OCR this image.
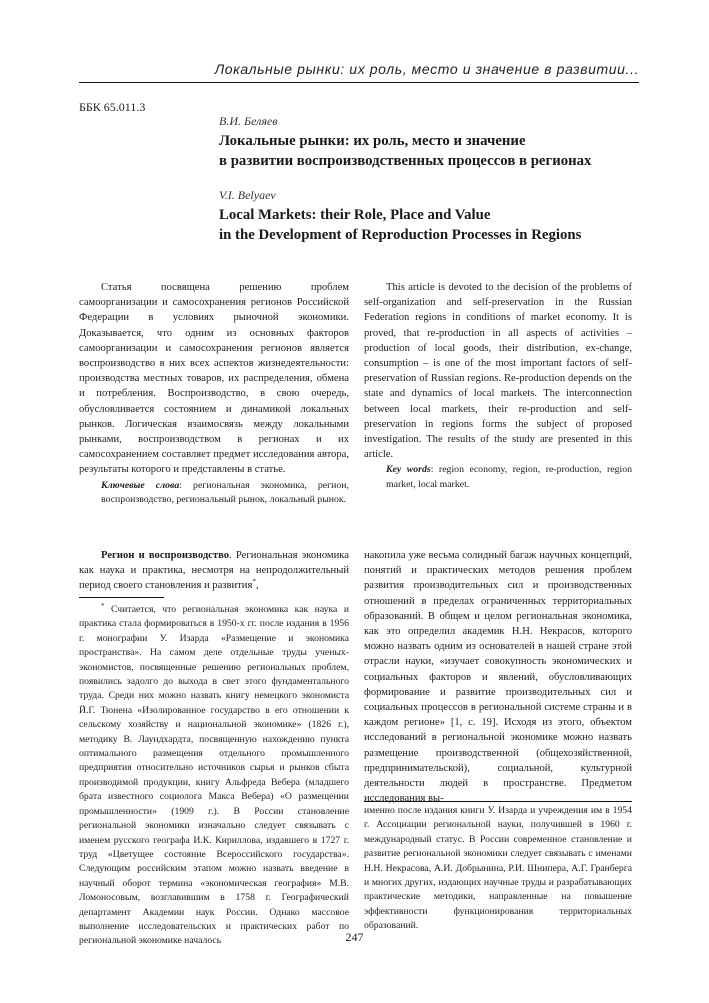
Локальные рынки: их роль, место и значение в развитии...
ББК 65.011.3
В.И. Беляев
Локальные рынки: их роль, место и значение
в развитии воспроизводственных процессов в регионах
V.I. Belyaev
Local Markets: their Role, Place and Value
in the Development of Reproduction Processes in Regions

Статья посвящена решению проблем самоорганизации и самосохранения регионов Российской Федерации в условиях рыночной экономики. Доказывается, что одним из основных факторов самоорганизации и самосохранения регионов является воспроизводство в них всех аспектов жизнедеятельности: производства местных товаров, их распределения, обмена и потребления. Воспроизводство, в свою очередь, обусловливается состоянием и динамикой локальных рынков. Логическая взаимосвязь между локальными рынками, воспроизводством в регионах и их самосохранением составляет предмет исследования автора, результаты которого и представлены в статье.

Ключевые слова: региональная экономика, регион, воспроизводство, региональный рынок, локальный рынок.

This article is devoted to the decision of the problems of self-organization and self-preservation in the Russian Federation regions in conditions of market economy. It is proved, that re-production in all aspects of activities – production of local goods, their distribution, ex-change, consumption – is one of the most important factors of self-preservation of Russian regions. Re-production depends on the state and dynamics of local markets. The interconnection between local markets, their re-production and self-preservation in regions forms the subject of proposed investigation. The results of the study are presented in this article.

Key words: region economy, region, re-production, region market, local market.

Регион и воспроизводство. Региональная экономика как наука и практика, несмотря на непродолжительный период своего становления и развития*,

* Считается, что региональная экономика как наука и практика стала формироваться в 1950-х гг. после издания в 1956 г. монографии У. Изарда «Размещение и экономика пространства». На самом деле отдельные труды ученых-экономистов, посвященные решению региональных проблем, появились задолго до выхода в свет этого фундаментального труда. Среди них можно назвать книгу немецкого экономиста Й.Г. Тюнена «Изолированное государство в его отношении к сельскому хозяйству и национальной экономике» (1826 г.), методику В. Лаундхардта, посвященную нахождению пункта оптимального размещения отдельного промышленного предприятия относительно источников сырья и рынков сбыта производимой продукции, книгу Альфреда Вебера (младшего брата известного социолога Макса Вебера) «О размещении промышленности» (1909 г.). В России становление региональной экономики изначально следует связывать с именем русского географа И.К. Кириллова, издавшего в 1727 г. труд «Цветущее состояние Всероссийского государства». Следующим российским этапом можно назвать введение в научный оборот термина «экономическая география» М.В. Ломоносовым, возглавившим в 1758 г. Географический департамент Академии наук России. Однако массовое выполнение исследовательских и практических работ по региональной экономике началось

накопила уже весьма солидный багаж научных концепций, понятий и практических методов решения проблем развития производительных сил и производственных отношений в пределах ограниченных территориальных образований. В общем и целом региональная экономика, как это определил академик Н.Н. Некрасов, которого можно назвать одним из основателей в нашей стране этой отрасли науки, «изучает совокупность экономических и социальных факторов и явлений, обусловливающих формирование и развитие производительных сил и социальных процессов в региональной системе страны и в каждом регионе» [1, с. 19]. Исходя из этого, объектом исследований в региональной экономике можно назвать размещение производственной (общехозяйственной, предпринимательской), социальной, культурной деятельности людей в пространстве. Предметом исследования вы-

именно после издания книги У. Изарда и учреждения им в 1954 г. Ассоциации региональной науки, получившей в 1960 г. международный статус. В России современное становление и развитие региональной экономики следует связывать с именами Н.Н. Некрасова, А.И. Добрынина, Р.И. Шнипера, А.Г. Гранберга и многих других, издающих научные труды и разрабатывающих практические методики, направленные на повышение эффективности функционирования территориальных образований.

247
